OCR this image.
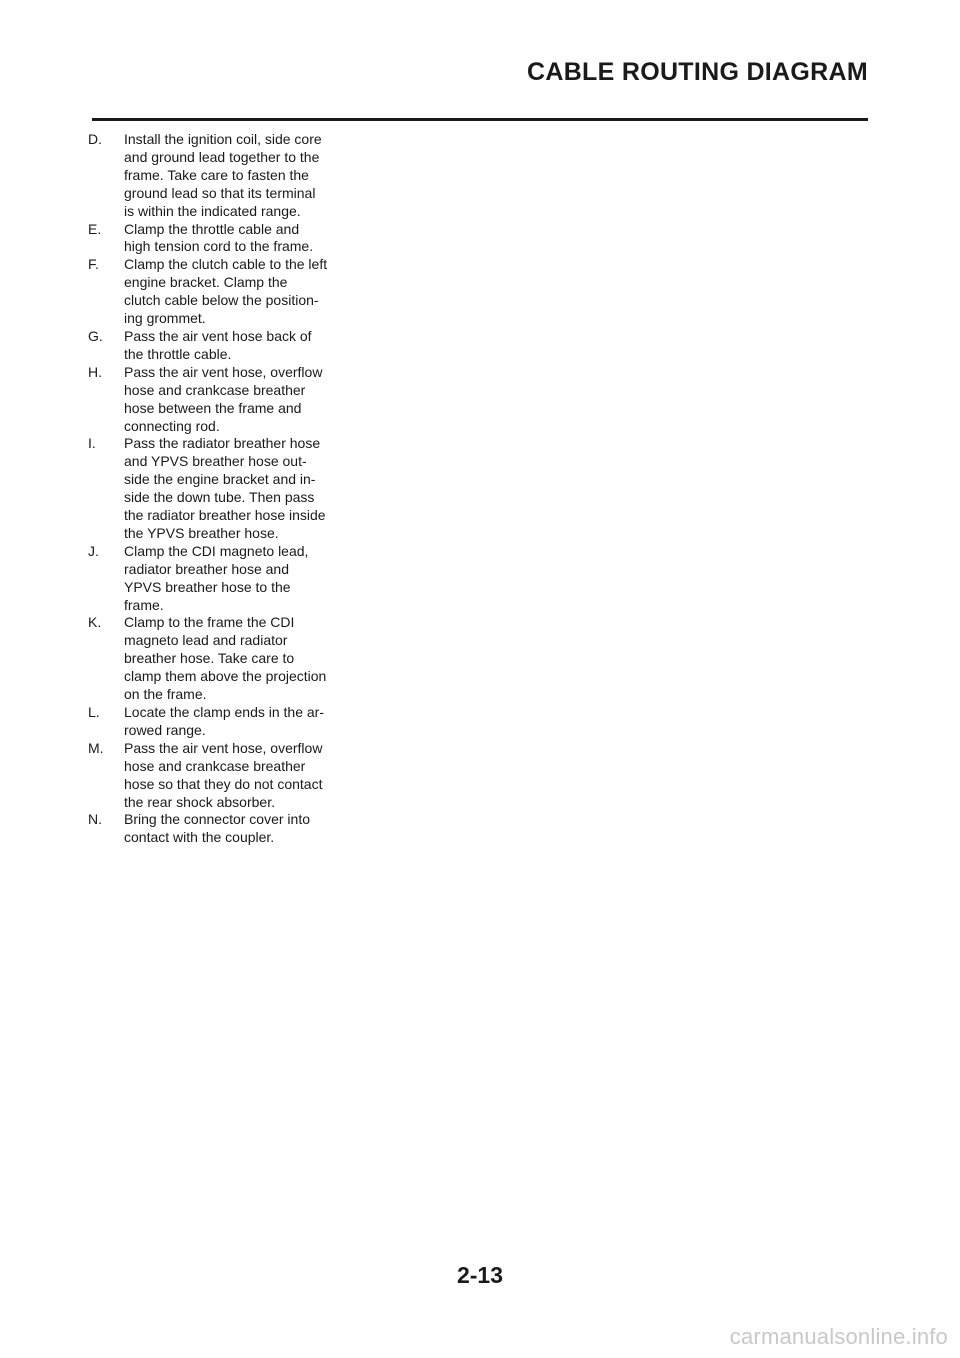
CABLE ROUTING DIAGRAM
D.	Install the ignition coil, side core
and ground lead together to the
frame. Take care to fasten the
ground lead so that its terminal
is within the indicated range.
E.	Clamp the throttle cable and
high tension cord to the frame.
F.	Clamp the clutch cable to the left
engine bracket. Clamp the
clutch cable below the position-
ing grommet.
G.	Pass the air vent hose back of
the throttle cable.
H.	Pass the air vent hose, overflow
hose and crankcase breather
hose between the frame and
connecting rod.
I.	Pass the radiator breather hose
and YPVS breather hose out-
side the engine bracket and in-
side the down tube. Then pass
the radiator breather hose inside
the YPVS breather hose.
J.	Clamp the CDI magneto lead,
radiator breather hose and
YPVS breather hose to the
frame.
K.	Clamp to the frame the CDI
magneto lead and radiator
breather hose. Take care to
clamp them above the projection
on the frame.
L.	Locate the clamp ends in the ar-
rowed range.
M.	Pass the air vent hose, overflow
hose and crankcase breather
hose so that they do not contact
the rear shock absorber.
N.	Bring the connector cover into
contact with the coupler.
2-13
carmanualsonline.info
